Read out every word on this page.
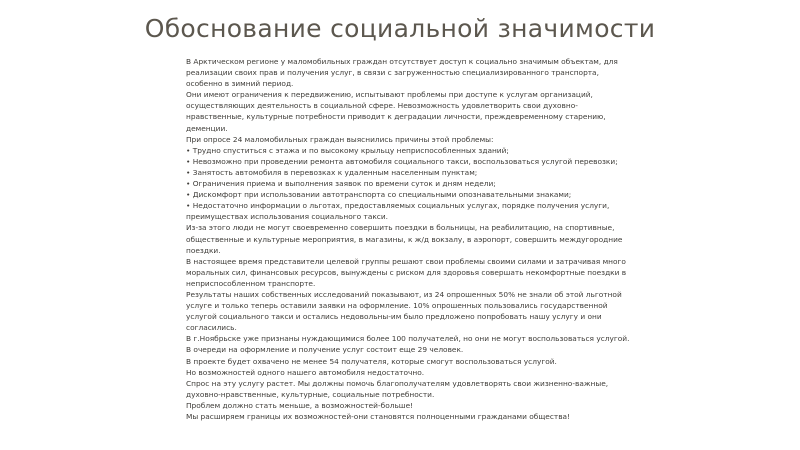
Обоснование социальной значимости
В Арктическом регионе у маломобильных граждан отсутствует доступ к социально значимым объектам, для
реализации своих прав и получения услуг, в связи с загруженностью специализированного транспорта,
особенно в зимний период.
Они имеют ограничения к передвижению, испытывают проблемы при доступе к услугам организаций,
осуществляющих деятельность в социальной сфере. Невозможность удовлетворить свои духовно-
нравственные, культурные потребности приводит к деградации личности, преждевременному старению,
деменции.
При опросе 24 маломобильных граждан выяснились причины этой проблемы:
• Трудно спуститься с этажа и по высокому крыльцу неприспособленных зданий;
• Невозможно при проведении ремонта автомобиля социального такси, воспользоваться услугой перевозки;
• Занятость автомобиля в перевозках к удаленным населенным пунктам;
• Ограничения приема и выполнения заявок по времени суток и дням недели;
• Дискомфорт при использовании автотранспорта со специальными опознавательными знаками;
• Недостаточно информации о льготах, предоставляемых социальных услугах, порядке получения услуги,
преимуществах использования социального такси.
Из-за этого люди не могут своевременно совершить поездки в больницы, на реабилитацию, на спортивные,
общественные и культурные мероприятия, в магазины, к ж/д вокзалу, в аэропорт, совершить междугородние
поездки.
В настоящее время представители целевой группы решают свои проблемы своими силами и затрачивая много
моральных сил, финансовых ресурсов, вынуждены с риском для здоровья совершать некомфортные поездки в
неприспособленном транспорте.
Результаты наших собственных исследований показывают, из 24 опрошенных 50% не знали об этой льготной
услуге и только теперь оставили заявки на оформление. 10% опрошенных пользовались государственной
услугой социального такси и остались недовольны-им было предложено попробовать нашу услугу и они
согласились.
В г.Ноябрьске уже признаны нуждающимися более 100 получателей, но они не могут воспользоваться услугой.
В очереди на оформление и получение услуг состоит еще 29 человек.
В проекте будет охвачено не менее 54 получателя, которые смогут воспользоваться услугой.
Но возможностей одного нашего автомобиля недостаточно.
Спрос на эту услугу растет. Мы должны помочь благополучателям удовлетворять свои жизненно-важные,
духовно-нравственные, культурные, социальные потребности.
Проблем должно стать меньше, а возможностей-больше!
Мы расширяем границы их возможностей-они становятся полноценными гражданами общества!
